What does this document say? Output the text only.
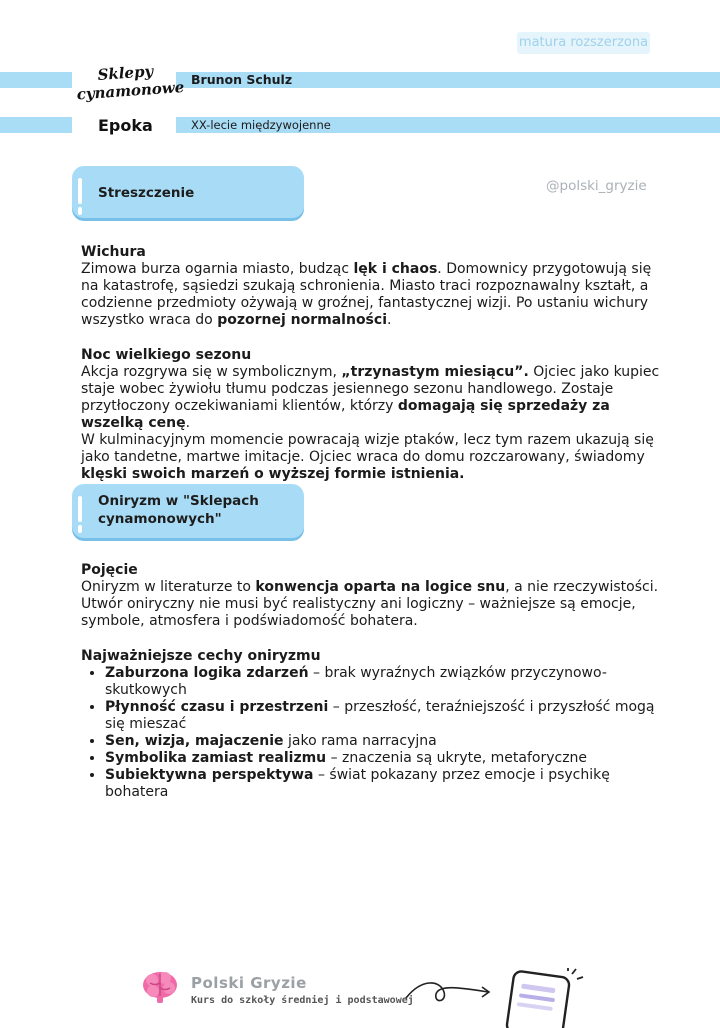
matura rozszerzona
Sklepy
cynamonowe
Epoka
Brunon Schulz
XX-lecie międzywojenne
@polski_gryzie
Streszczenie
Wichura

Zimowa burza ogarnia miasto, budząc lęk i chaos. Domownicy przygotowują się na katastrofę, sąsiedzi szukają schronienia. Miasto traci rozpoznawalny kształt, a codzienne przedmioty ożywają w groźnej, fantastycznej wizji. Po ustaniu wichury wszystko wraca do pozornej normalności.

Noc wielkiego sezonu

Akcja rozgrywa się w symbolicznym, „trzynastym miesiącu”. Ojciec jako kupiec staje wobec żywiołu tłumu podczas jesiennego sezonu handlowego. Zostaje przytłoczony oczekiwaniami klientów, którzy domagają się sprzedaży za wszelką cenę.

W kulminacyjnym momencie powracają wizje ptaków, lecz tym razem ukazują się jako tandetne, martwe imitacje. Ojciec wraca do domu rozczarowany, świadomy klęski swoich marzeń o wyższej formie istnienia.

Oniryzm w "Sklepach cynamonowych"
Pojęcie

Oniryzm w literaturze to konwencja oparta na logice snu, a nie rzeczywistości. Utwór oniryczny nie musi być realistyczny ani logiczny – ważniejsze są emocje, symbole, atmosfera i podświadomość bohatera.

Najważniejsze cechy oniryzmu
• Zaburzona logika zdarzeń – brak wyraźnych związków przyczynowo-skutkowych
• Płynność czasu i przestrzeni – przeszłość, teraźniejszość i przyszłość mogą się mieszać
• Sen, wizja, majaczenie jako rama narracyjna
• Symbolika zamiast realizmu – znaczenia są ukryte, metaforyczne
• Subiektywna perspektywa – świat pokazany przez emocje i psychikę bohatera
Polski Gryzie
Kurs do szkoły średniej i podstawowej
